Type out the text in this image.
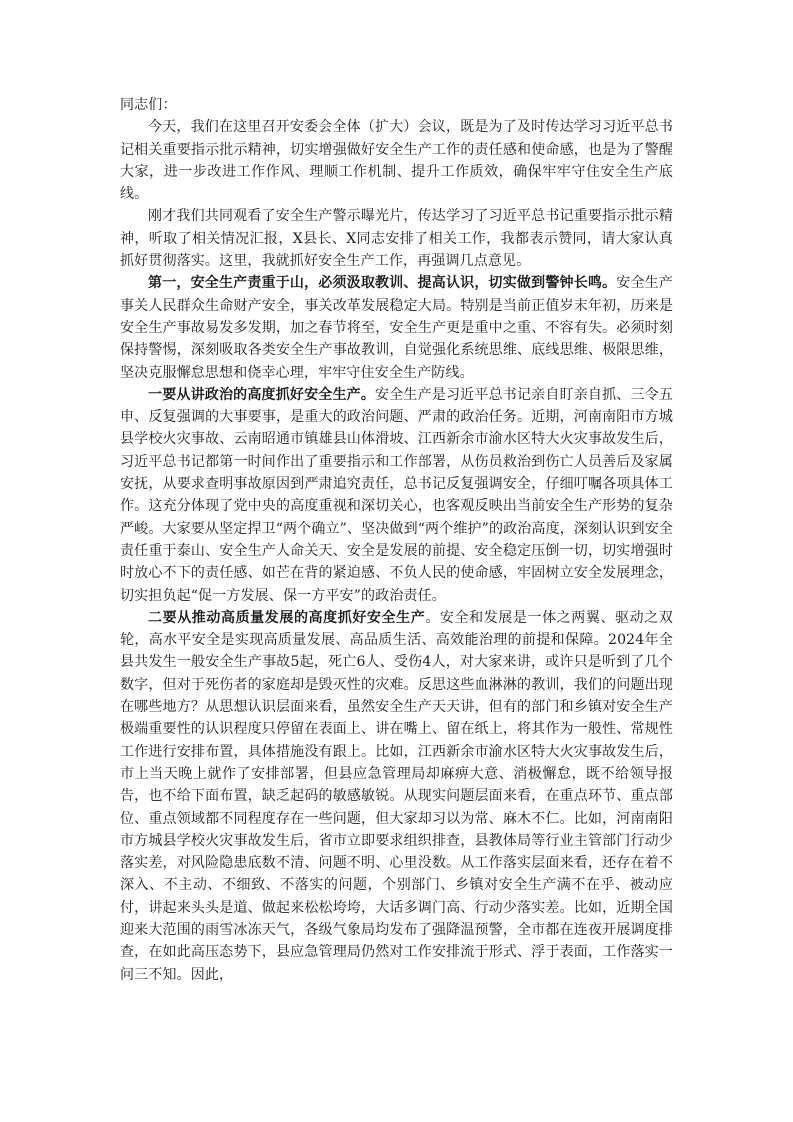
同志们：

今天，我们在这里召开安委会全体（扩大）会议，既是为了及时传达学习习近平总书记相关重要指示批示精神，切实增强做好安全生产工作的责任感和使命感，也是为了警醒大家，进一步改进工作作风、理顺工作机制、提升工作质效，确保牢牢守住安全生产底线。

刚才我们共同观看了安全生产警示曝光片，传达学习了习近平总书记重要指示批示精神，听取了相关情况汇报，X县长、X同志安排了相关工作，我都表示赞同，请大家认真抓好贯彻落实。这里，我就抓好安全生产工作，再强调几点意见。

第一，安全生产责重于山，必须汲取教训、提高认识，切实做到警钟长鸣。安全生产事关人民群众生命财产安全，事关改革发展稳定大局。特别是当前正值岁末年初，历来是安全生产事故易发多发期，加之春节将至，安全生产更是重中之重、不容有失。必须时刻保持警惕，深刻吸取各类安全生产事故教训，自觉强化系统思维、底线思维、极限思维，坚决克服懈怠思想和侥幸心理，牢牢守住安全生产防线。

一要从讲政治的高度抓好安全生产。安全生产是习近平总书记亲自盯亲自抓、三令五申、反复强调的大事要事，是重大的政治问题、严肃的政治任务。近期，河南南阳市方城县学校火灾事故、云南昭通市镇雄县山体滑坡、江西新余市渝水区特大火灾事故发生后，习近平总书记都第一时间作出了重要指示和工作部署，从伤员救治到伤亡人员善后及家属安抚，从要求查明事故原因到严肃追究责任，总书记反复强调安全，仔细叮嘱各项具体工作。这充分体现了党中央的高度重视和深切关心，也客观反映出当前安全生产形势的复杂严峻。大家要从坚定捍卫“两个确立”、坚决做到“两个维护”的政治高度，深刻认识到安全责任重于泰山、安全生产人命关天、安全是发展的前提、安全稳定压倒一切，切实增强时时放心不下的责任感、如芒在背的紧迫感、不负人民的使命感，牢固树立安全发展理念，切实担负起“促一方发展、保一方平安”的政治责任。

二要从推动高质量发展的高度抓好安全生产。安全和发展是一体之两翼、驱动之双轮，高水平安全是实现高质量发展、高品质生活、高效能治理的前提和保障。2024年全县共发生一般安全生产事故5起，死亡6人、受伤4人，对大家来讲，或许只是听到了几个数字，但对于死伤者的家庭却是毁灭性的灾难。反思这些血淋淋的教训，我们的问题出现在哪些地方？从思想认识层面来看，虽然安全生产天天讲，但有的部门和乡镇对安全生产极端重要性的认识程度只停留在表面上、讲在嘴上、留在纸上，将其作为一般性、常规性工作进行安排布置，具体措施没有跟上。比如，江西新余市渝水区特大火灾事故发生后，市上当天晚上就作了安排部署，但县应急管理局却麻痹大意、消极懈怠，既不给领导报告，也不给下面布置，缺乏起码的敏感敏锐。从现实问题层面来看，在重点环节、重点部位、重点领域都不同程度存在一些问题，但大家却习以为常、麻木不仁。比如，河南南阳市方城县学校火灾事故发生后，省市立即要求组织排查，县教体局等行业主管部门行动少落实差，对风险隐患底数不清、问题不明、心里没数。从工作落实层面来看，还存在着不深入、不主动、不细致、不落实的问题，个别部门、乡镇对安全生产满不在乎、被动应付，讲起来头头是道、做起来松松垮垮，大话多调门高、行动少落实差。比如，近期全国迎来大范围的雨雪冰冻天气，各级气象局均发布了强降温预警，全市都在连夜开展调度排查，在如此高压态势下，县应急管理局仍然对工作安排流于形式、浮于表面，工作落实一问三不知。因此，
